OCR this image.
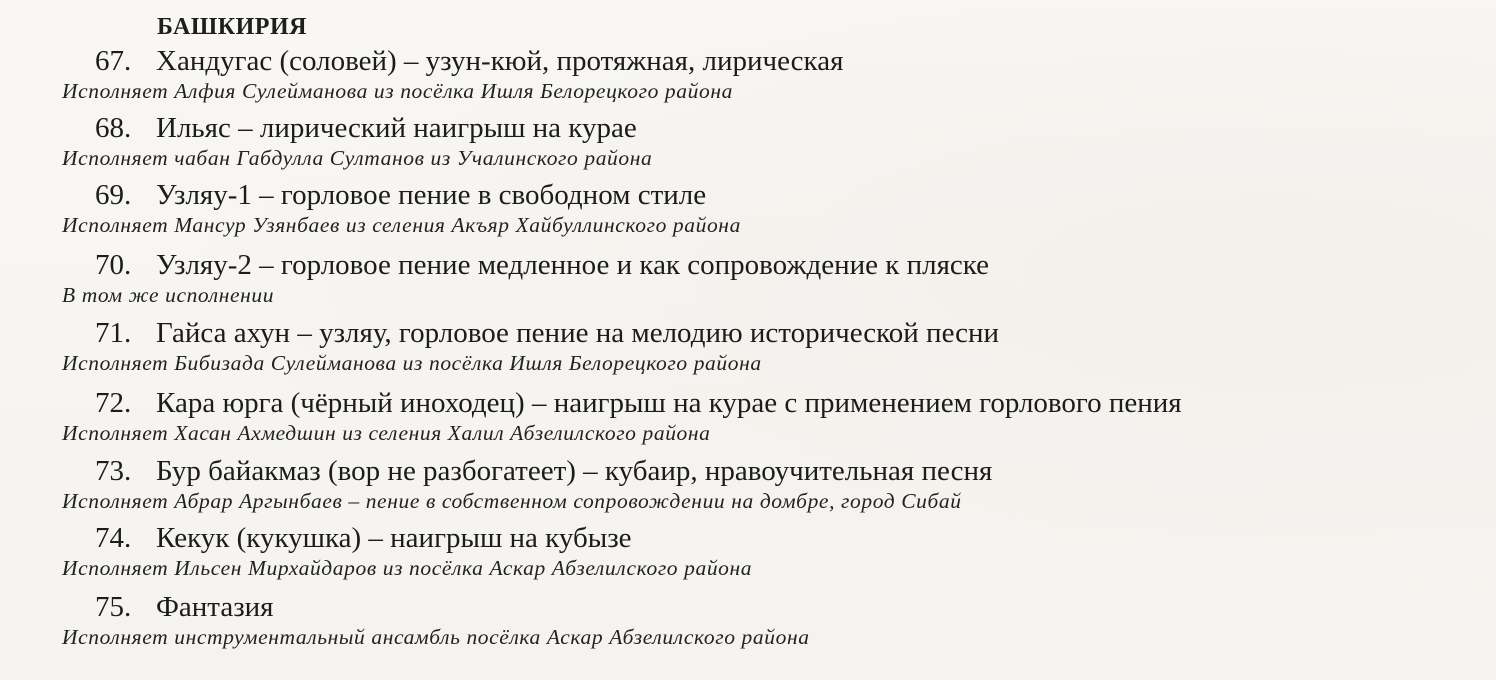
БАШКИРИЯ
67. Хандугас (соловей) – узун-кюй, протяжная, лирическая
Исполняет Алфия Сулейманова из посёлка Ишля Белорецкого района
68. Ильяс – лирический наигрыш на курае
Исполняет чабан Габдулла Султанов из Учалинского района
69. Узляу-1 – горловое пение в свободном стиле
Исполняет Мансур Узянбаев из селения Акъяр Хайбуллинского района
70. Узляу-2 – горловое пение медленное и как сопровождение к пляске
В том же исполнении
71. Гайса ахун – узляу, горловое пение на мелодию исторической песни
Исполняет Бибизада Сулейманова из посёлка Ишля Белорецкого района
72. Кара юрга (чёрный иноходец) – наигрыш на курае с применением горлового пения
Исполняет Хасан Ахмедшин из селения Халил Абзелилского района
73. Бур байакмаз (вор не разбогатеет) – кубаир, нравоучительная песня
Исполняет Абрар Аргынбаев – пение в собственном сопровождении на домбре, город Сибай
74. Кекук (кукушка) – наигрыш на кубызе
Исполняет Ильсен Мирхайдаров из посёлка Аскар Абзелилского района
75. Фантазия
Исполняет инструментальный ансамбль посёлка Аскар Абзелилского района
